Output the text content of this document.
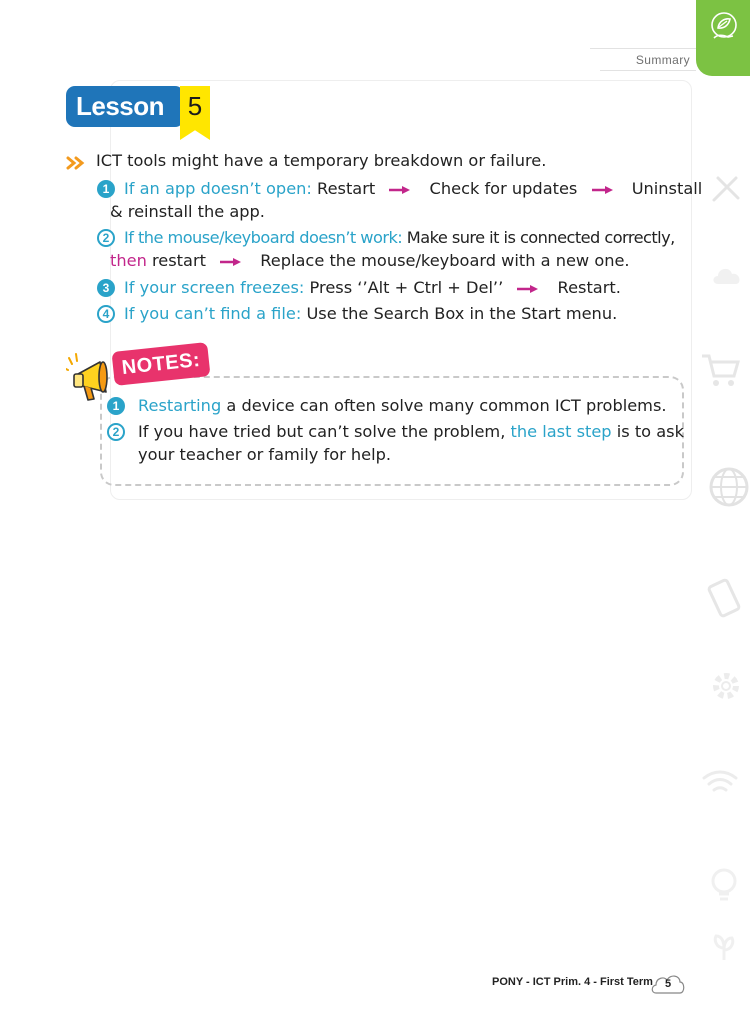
Summary
Lesson 5
ICT tools might have a temporary breakdown or failure.
1 If an app doesn’t open: Restart	Check for updates	Uninstall
& reinstall the app.
2 If the mouse/keyboard doesn’t work: Make sure it is connected correctly,
then restart	Replace the mouse/keyboard with a new one.
3 If your screen freezes: Press ‘’Alt + Ctrl + Del’’	Restart.
4 If you can’t find a file: Use the Search Box in the Start menu.
NOTES:
1	Restarting a device can often solve many common ICT problems.
2	If you have tried but can’t solve the problem, the last step is to ask
your teacher or family for help.
PONY - ICT Prim. 4 - First Term	5
